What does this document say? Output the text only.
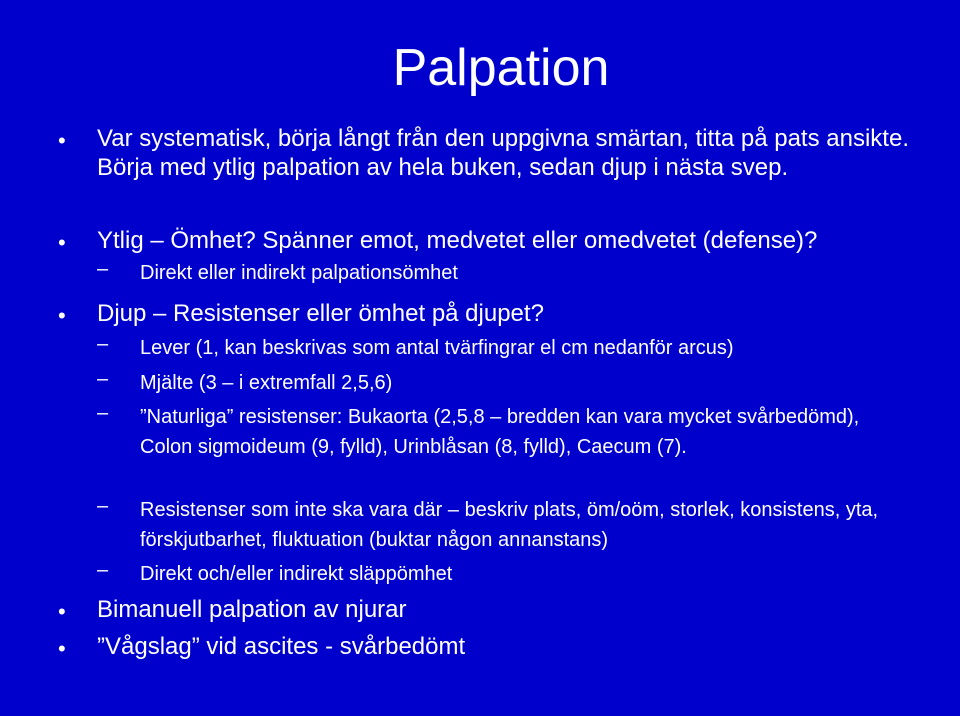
Palpation
• Var systematisk, börja långt från den uppgivna smärtan, titta på pats ansikte. Börja med ytlig palpation av hela buken, sedan djup i nästa svep.
• Ytlig – Ömhet? Spänner emot, medvetet eller omedvetet (defense)?
– Direkt eller indirekt palpationsömhet
• Djup – Resistenser eller ömhet på djupet?
– Lever (1, kan beskrivas som antal tvärfingrar el cm nedanför arcus)
– Mjälte (3 – i extremfall 2,5,6)
– ”Naturliga” resistenser: Bukaorta (2,5,8 – bredden kan vara mycket svårbedömd), Colon sigmoideum (9, fylld), Urinblåsan (8, fylld), Caecum (7).
– Resistenser som inte ska vara där – beskriv plats, öm/oöm, storlek, konsistens, yta, förskjutbarhet, fluktuation (buktar någon annanstans)
– Direkt och/eller indirekt släppömhet
• Bimanuell palpation av njurar
• ”Vågslag” vid ascites - svårbedömt
